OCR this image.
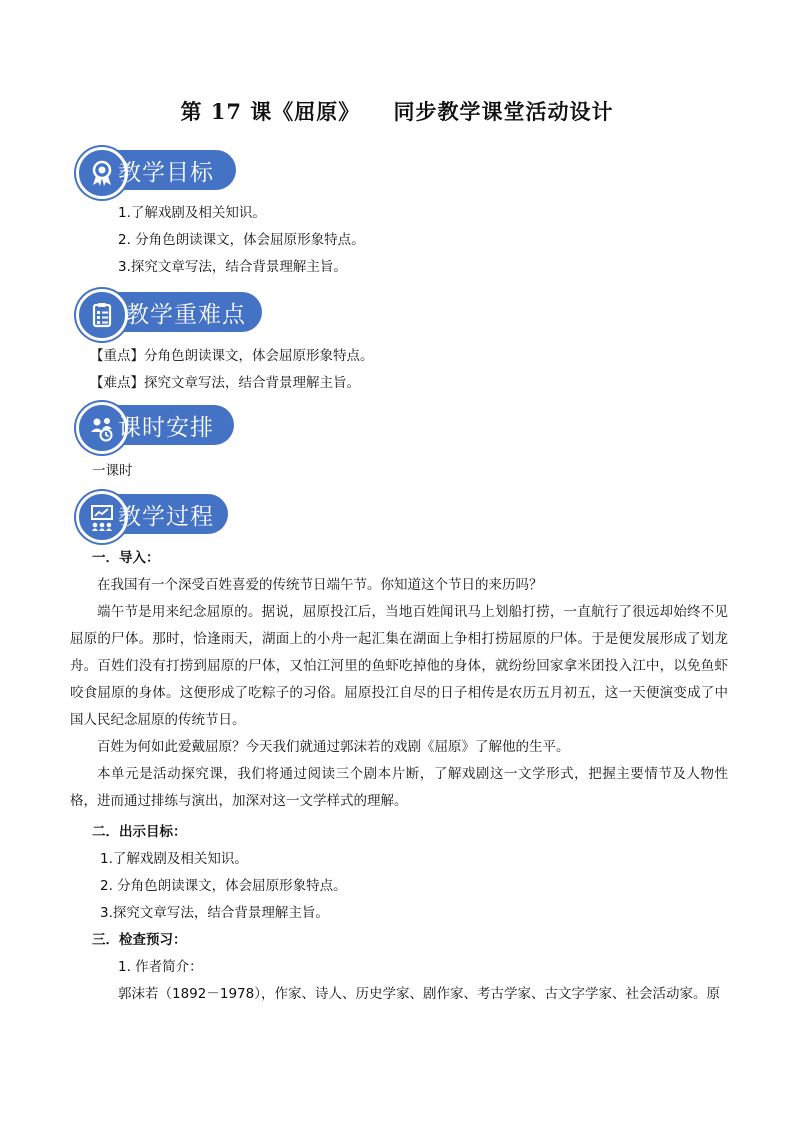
第 17 课《屈原》    同步教学课堂活动设计
教学目标
1.了解戏剧及相关知识。
2. 分角色朗读课文，体会屈原形象特点。
3.探究文章写法，结合背景理解主旨。
教学重难点
【重点】分角色朗读课文，体会屈原形象特点。
【难点】探究文章写法，结合背景理解主旨。
课时安排
一课时
教学过程
一．导入：
在我国有一个深受百姓喜爱的传统节日端午节。你知道这个节日的来历吗？
端午节是用来纪念屈原的。据说，屈原投江后，当地百姓闻讯马上划船打捞，一直航行了很远却始终不见屈原的尸体。那时，恰逢雨天，湖面上的小舟一起汇集在湖面上争相打捞屈原的尸体。于是便发展形成了划龙舟。百姓们没有打捞到屈原的尸体，又怕江河里的鱼虾吃掉他的身体，就纷纷回家拿米团投入江中，以免鱼虾咬食屈原的身体。这便形成了吃粽子的习俗。屈原投江自尽的日子相传是农历五月初五，这一天便演变成了中国人民纪念屈原的传统节日。
百姓为何如此爱戴屈原？今天我们就通过郭沫若的戏剧《屈原》了解他的生平。
本单元是活动探究课，我们将通过阅读三个剧本片断，了解戏剧这一文学形式，把握主要情节及人物性格，进而通过排练与演出，加深对这一文学样式的理解。
二．出示目标：
1.了解戏剧及相关知识。
2. 分角色朗读课文，体会屈原形象特点。
3.探究文章写法，结合背景理解主旨。
三．检查预习：
1. 作者简介：
郭沫若（1892－1978），作家、诗人、历史学家、剧作家、考古学家、古文字学家、社会活动家。原
